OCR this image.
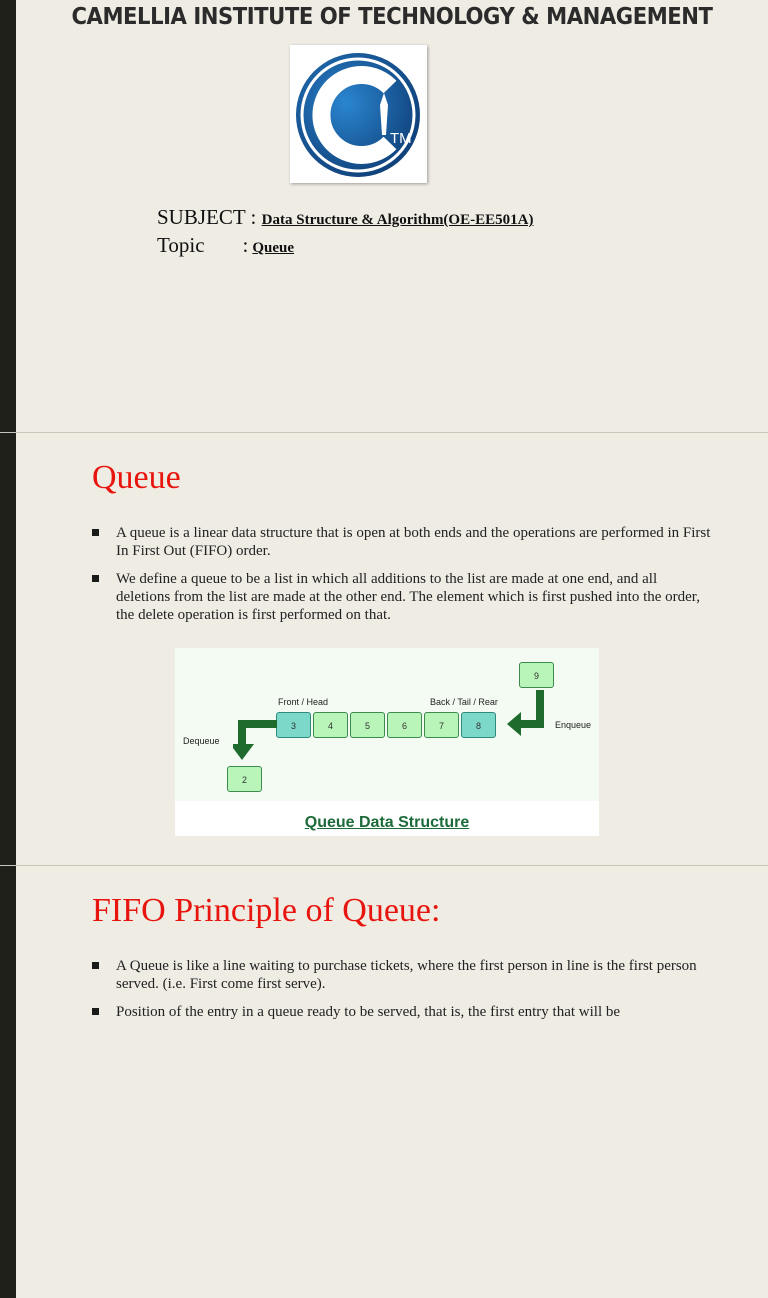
CAMELLIA INSTITUTE OF TECHNOLOGY & MANAGEMENT
TM
SUBJECT : Data Structure & Algorithm(OE-EE501A)
Topic : Queue
Queue
A queue is a linear data structure that is open at both ends and the operations are performed in First In First Out (FIFO) order.
We define a queue to be a list in which all additions to the list are made at one end, and all deletions from the list are made at the other end. The element which is first pushed into the order, the delete operation is first performed on that.
Front / Head	Back / Tail / Rear
Dequeue
Enqueue
3	4	5	6	7	8
9
2
Queue Data Structure
FIFO Principle of Queue:
A Queue is like a line waiting to purchase tickets, where the first person in line is the first person served. (i.e. First come first serve).
Position of the entry in a queue ready to be served, that is, the first entry that will be
